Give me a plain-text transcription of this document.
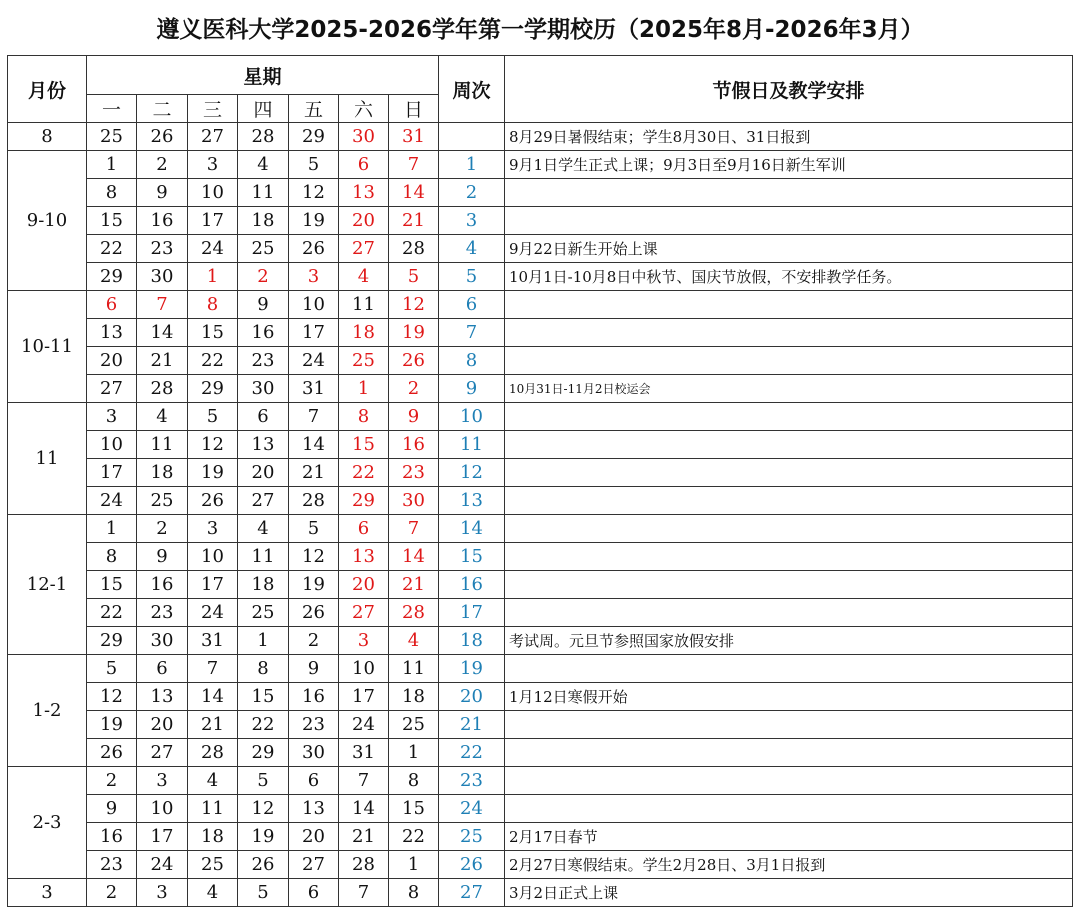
遵义医科大学2025-2026学年第一学期校历（2025年8月-2026年3月）
月份	星期							周次	节假日及教学安排
	一	二	三	四	五	六	日		
8	25	26	27	28	29	30	31		8月29日暑假结束；学生8月30日、31日报到
9-10	1	2	3	4	5	6	7	1	9月1日学生正式上课；9月3日至9月16日新生军训
	8	9	10	11	12	13	14	2	
	15	16	17	18	19	20	21	3	
	22	23	24	25	26	27	28	4	9月22日新生开始上课
	29	30	1	2	3	4	5	5	10月1日-10月8日中秋节、国庆节放假，不安排教学任务。
10-11	6	7	8	9	10	11	12	6	
	13	14	15	16	17	18	19	7	
	20	21	22	23	24	25	26	8	
	27	28	29	30	31	1	2	9	10月31日-11月2日校运会
11	3	4	5	6	7	8	9	10	
	10	11	12	13	14	15	16	11	
	17	18	19	20	21	22	23	12	
	24	25	26	27	28	29	30	13	
12-1	1	2	3	4	5	6	7	14	
	8	9	10	11	12	13	14	15	
	15	16	17	18	19	20	21	16	
	22	23	24	25	26	27	28	17	
	29	30	31	1	2	3	4	18	考试周。元旦节参照国家放假安排
1-2	5	6	7	8	9	10	11	19	
	12	13	14	15	16	17	18	20	1月12日寒假开始
	19	20	21	22	23	24	25	21	
	26	27	28	29	30	31	1	22	
2-3	2	3	4	5	6	7	8	23	
	9	10	11	12	13	14	15	24	
	16	17	18	19	20	21	22	25	2月17日春节
	23	24	25	26	27	28	1	26	2月27日寒假结束。学生2月28日、3月1日报到
3	2	3	4	5	6	7	8	27	3月2日正式上课
